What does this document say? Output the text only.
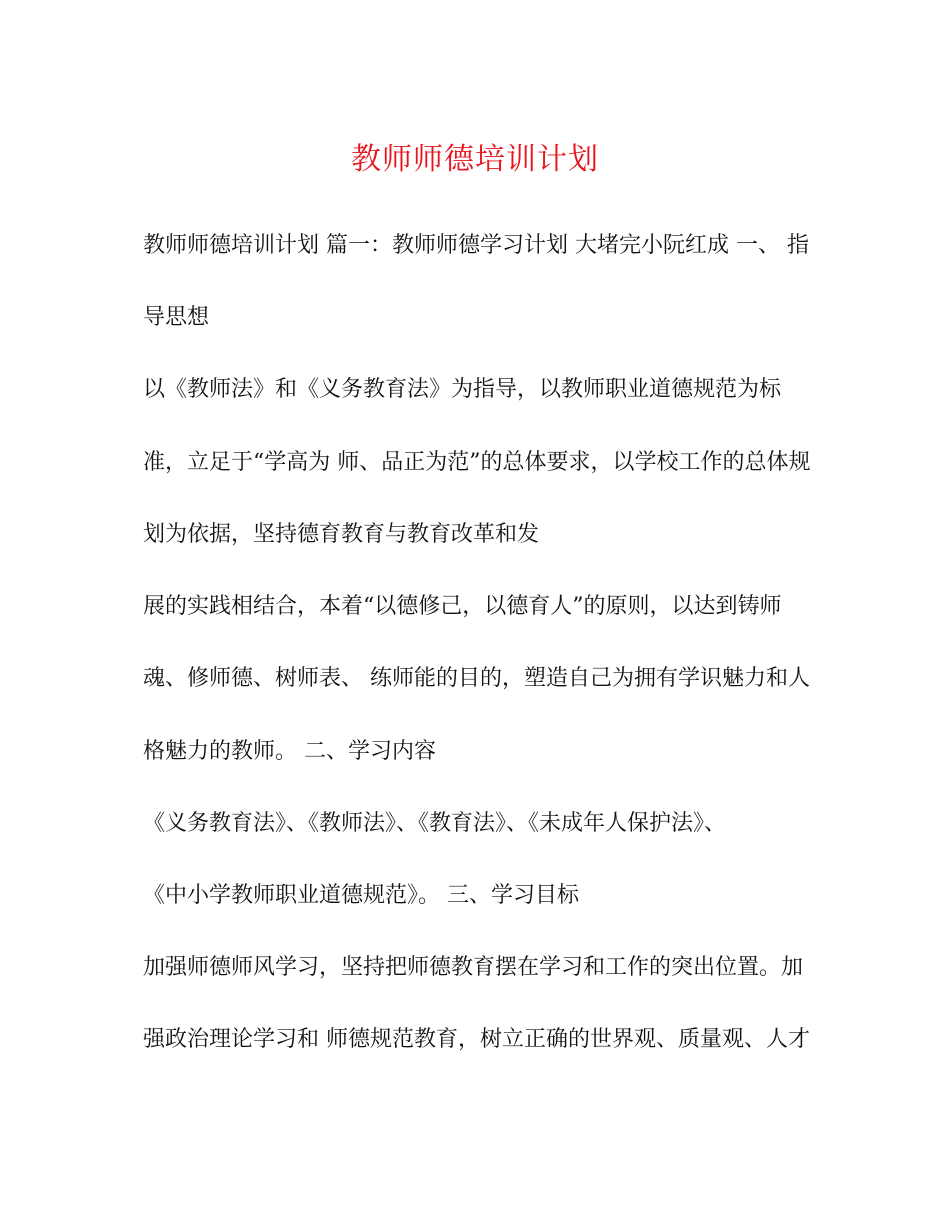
教师师德培训计划
教师师德培训计划 篇一：教师师德学习计划 大堵完小阮红成 一、 指
导思想
以《教师法》和《义务教育法》为指导，以教师职业道德规范为标
准，立足于“学高为 师、品正为范”的总体要求，以学校工作的总体规
划为依据，坚持德育教育与教育改革和发
展的实践相结合，本着“以德修己，以德育人”的原则，以达到铸师
魂、修师德、树师表、 练师能的目的，塑造自己为拥有学识魅力和人
格魅力的教师。 二、学习内容
《义务教育法》、《教师法》、《教育法》、《未成年人保护法》、
《中小学教师职业道德规范》。 三、学习目标
加强师德师风学习，坚持把师德教育摆在学习和工作的突出位置。加
强政治理论学习和 师德规范教育，树立正确的世界观、质量观、人才
